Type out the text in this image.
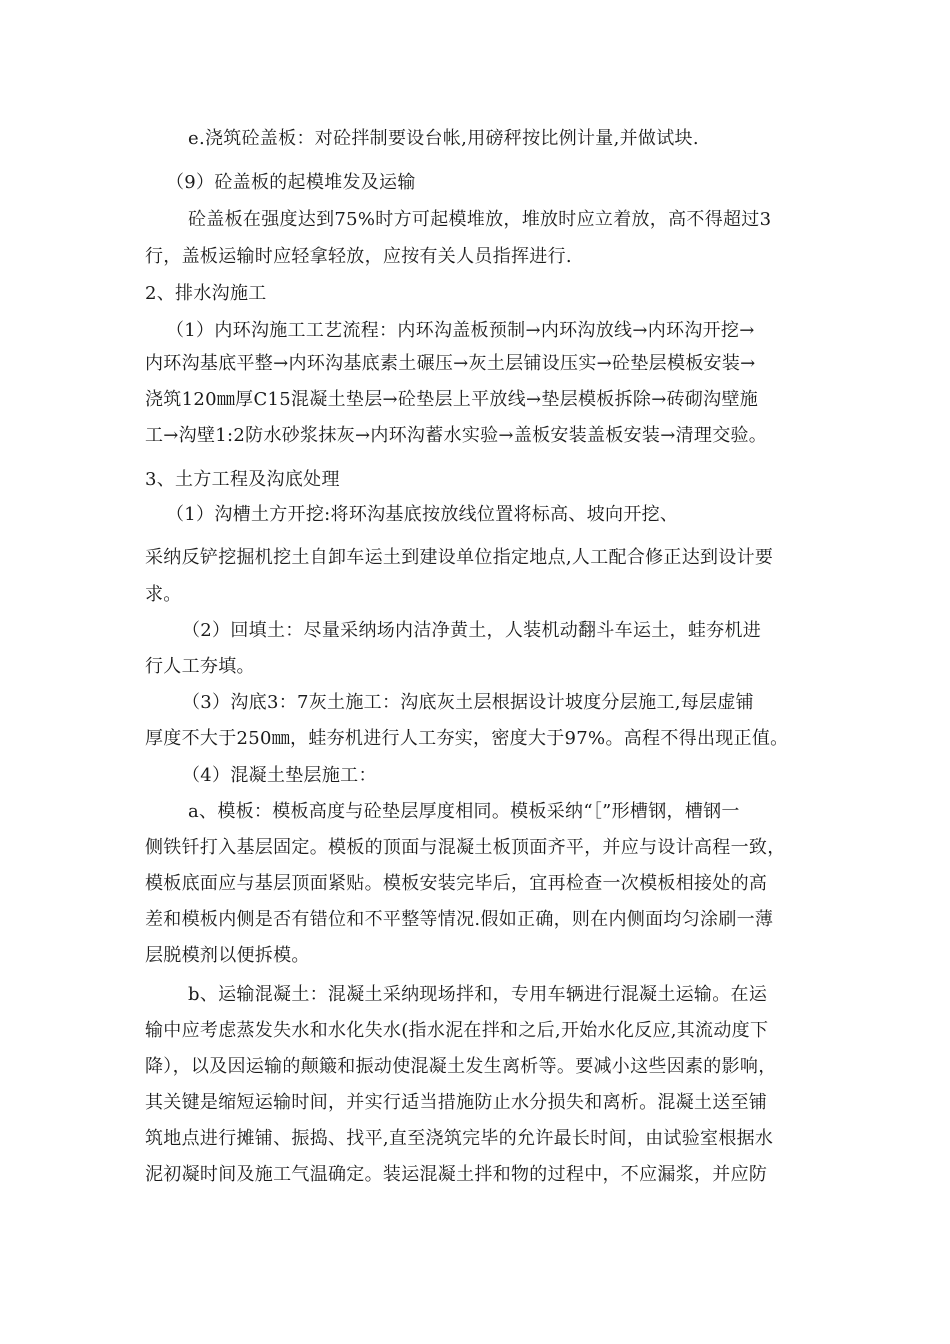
e.浇筑砼盖板：对砼拌制要设台帐,用磅秤按比例计量,并做试块.
（9）砼盖板的起模堆发及运输
砼盖板在强度达到75%时方可起模堆放，堆放时应立着放，高不得超过3
行，盖板运输时应轻拿轻放，应按有关人员指挥进行.
2、排水沟施工
（1）内环沟施工工艺流程：内环沟盖板预制→内环沟放线→内环沟开挖→
内环沟基底平整→内环沟基底素土碾压→灰土层铺设压实→砼垫层模板安装→
浇筑120㎜厚C15混凝土垫层→砼垫层上平放线→垫层模板拆除→砖砌沟壁施
工→沟壁1:2防水砂浆抹灰→内环沟蓄水实验→盖板安装盖板安装→清理交验。
3、土方工程及沟底处理
（1）沟槽土方开挖:将环沟基底按放线位置将标高、坡向开挖、
采纳反铲挖掘机挖土自卸车运土到建设单位指定地点,人工配合修正达到设计要
求。
（2）回填土：尽量采纳场内洁净黄土，人装机动翻斗车运土，蛙夯机进
行人工夯填。
（3）沟底3：7灰土施工：沟底灰土层根据设计坡度分层施工,每层虚铺
厚度不大于250㎜，蛙夯机进行人工夯实，密度大于97%。高程不得出现正值。
（4）混凝土垫层施工：
a、模板：模板高度与砼垫层厚度相同。模板采纳“［”形槽钢，槽钢一
侧铁钎打入基层固定。模板的顶面与混凝土板顶面齐平，并应与设计高程一致，
模板底面应与基层顶面紧贴。模板安装完毕后，宜再检查一次模板相接处的高
差和模板内侧是否有错位和不平整等情况.假如正确，则在内侧面均匀涂刷一薄
层脱模剂以便拆模。
b、运输混凝土：混凝土采纳现场拌和，专用车辆进行混凝土运输。在运
输中应考虑蒸发失水和水化失水(指水泥在拌和之后,开始水化反应,其流动度下
降），以及因运输的颠簸和振动使混凝土发生离析等。要减小这些因素的影响，
其关键是缩短运输时间，并实行适当措施防止水分损失和离析。混凝土送至铺
筑地点进行摊铺、振捣、找平,直至浇筑完毕的允许最长时间，由试验室根据水
泥初凝时间及施工气温确定。装运混凝土拌和物的过程中，不应漏浆，并应防
